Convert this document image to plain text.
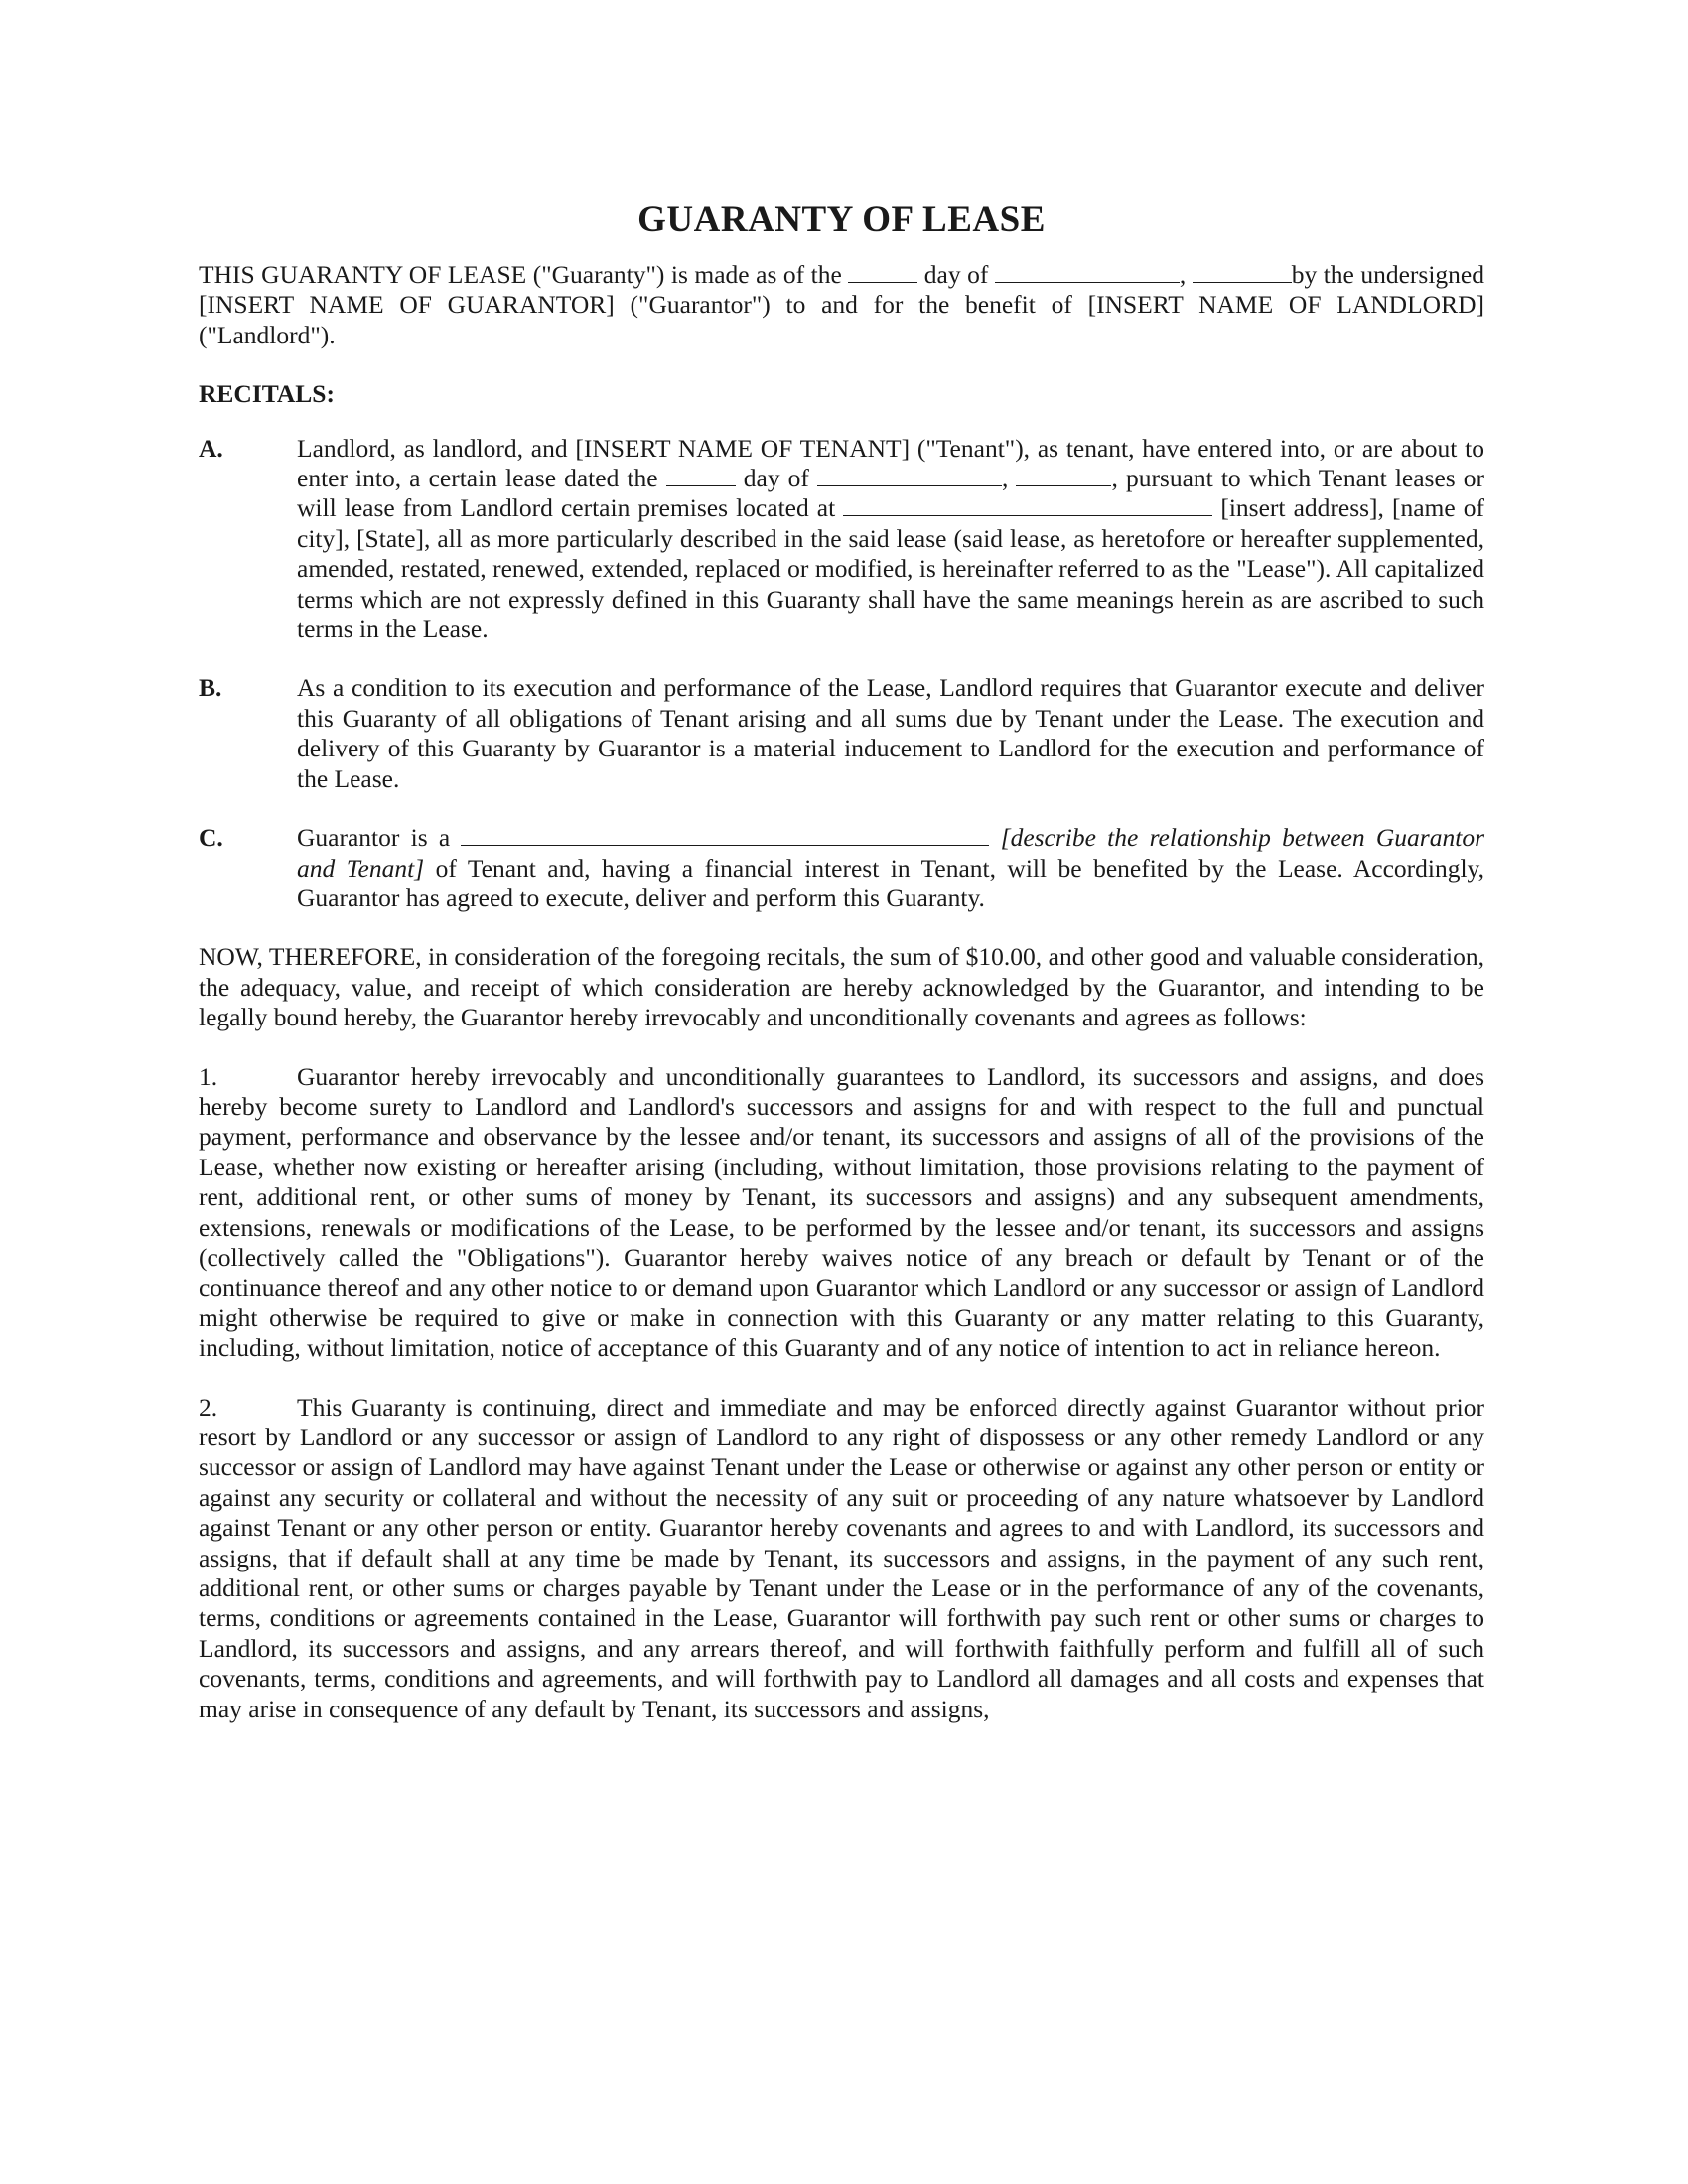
GUARANTY OF LEASE

THIS GUARANTY OF LEASE ("Guaranty") is made as of the	day of	,	by the undersigned [INSERT NAME OF GUARANTOR] ("Guarantor") to and for the benefit of [INSERT NAME OF LANDLORD] ("Landlord").

RECITALS:

A.	Landlord, as landlord, and [INSERT NAME OF TENANT] ("Tenant"), as tenant, have entered into, or are about to enter into, a certain lease dated the	day of	,	, pursuant to which Tenant leases or will lease from Landlord certain premises located at	[insert address], [name of city], [State], all as more particularly described in the said lease (said lease, as heretofore or hereafter supplemented, amended, restated, renewed, extended, replaced or modified, is hereinafter referred to as the "Lease"). All capitalized terms which are not expressly defined in this Guaranty shall have the same meanings herein as are ascribed to such terms in the Lease.
B.	As a condition to its execution and performance of the Lease, Landlord requires that Guarantor execute and deliver this Guaranty of all obligations of Tenant arising and all sums due by Tenant under the Lease. The execution and delivery of this Guaranty by Guarantor is a material inducement to Landlord for the execution and performance of the Lease.
C.	Guarantor is a	[describe the relationship between Guarantor and Tenant] of Tenant and, having a financial interest in Tenant, will be benefited by the Lease. Accordingly, Guarantor has agreed to execute, deliver and perform this Guaranty.

NOW, THEREFORE, in consideration of the foregoing recitals, the sum of $10.00, and other good and valuable consideration, the adequacy, value, and receipt of which consideration are hereby acknowledged by the Guarantor, and intending to be legally bound hereby, the Guarantor hereby irrevocably and unconditionally covenants and agrees as follows:

1.	Guarantor hereby irrevocably and unconditionally guarantees to Landlord, its successors and assigns, and does hereby become surety to Landlord and Landlord's successors and assigns for and with respect to the full and punctual payment, performance and observance by the lessee and/or tenant, its successors and assigns of all of the provisions of the Lease, whether now existing or hereafter arising (including, without limitation, those provisions relating to the payment of rent, additional rent, or other sums of money by Tenant, its successors and assigns) and any subsequent amendments, extensions, renewals or modifications of the Lease, to be performed by the lessee and/or tenant, its successors and assigns (collectively called the "Obligations"). Guarantor hereby waives notice of any breach or default by Tenant or of the continuance thereof and any other notice to or demand upon Guarantor which Landlord or any successor or assign of Landlord might otherwise be required to give or make in connection with this Guaranty or any matter relating to this Guaranty, including, without limitation, notice of acceptance of this Guaranty and of any notice of intention to act in reliance hereon.

2.	This Guaranty is continuing, direct and immediate and may be enforced directly against Guarantor without prior resort by Landlord or any successor or assign of Landlord to any right of dispossess or any other remedy Landlord or any successor or assign of Landlord may have against Tenant under the Lease or otherwise or against any other person or entity or against any security or collateral and without the necessity of any suit or proceeding of any nature whatsoever by Landlord against Tenant or any other person or entity. Guarantor hereby covenants and agrees to and with Landlord, its successors and assigns, that if default shall at any time be made by Tenant, its successors and assigns, in the payment of any such rent, additional rent, or other sums or charges payable by Tenant under the Lease or in the performance of any of the covenants, terms, conditions or agreements contained in the Lease, Guarantor will forthwith pay such rent or other sums or charges to Landlord, its successors and assigns, and any arrears thereof, and will forthwith faithfully perform and fulfill all of such covenants, terms, conditions and agreements, and will forthwith pay to Landlord all damages and all costs and expenses that may arise in consequence of any default by Tenant, its successors and assigns,
